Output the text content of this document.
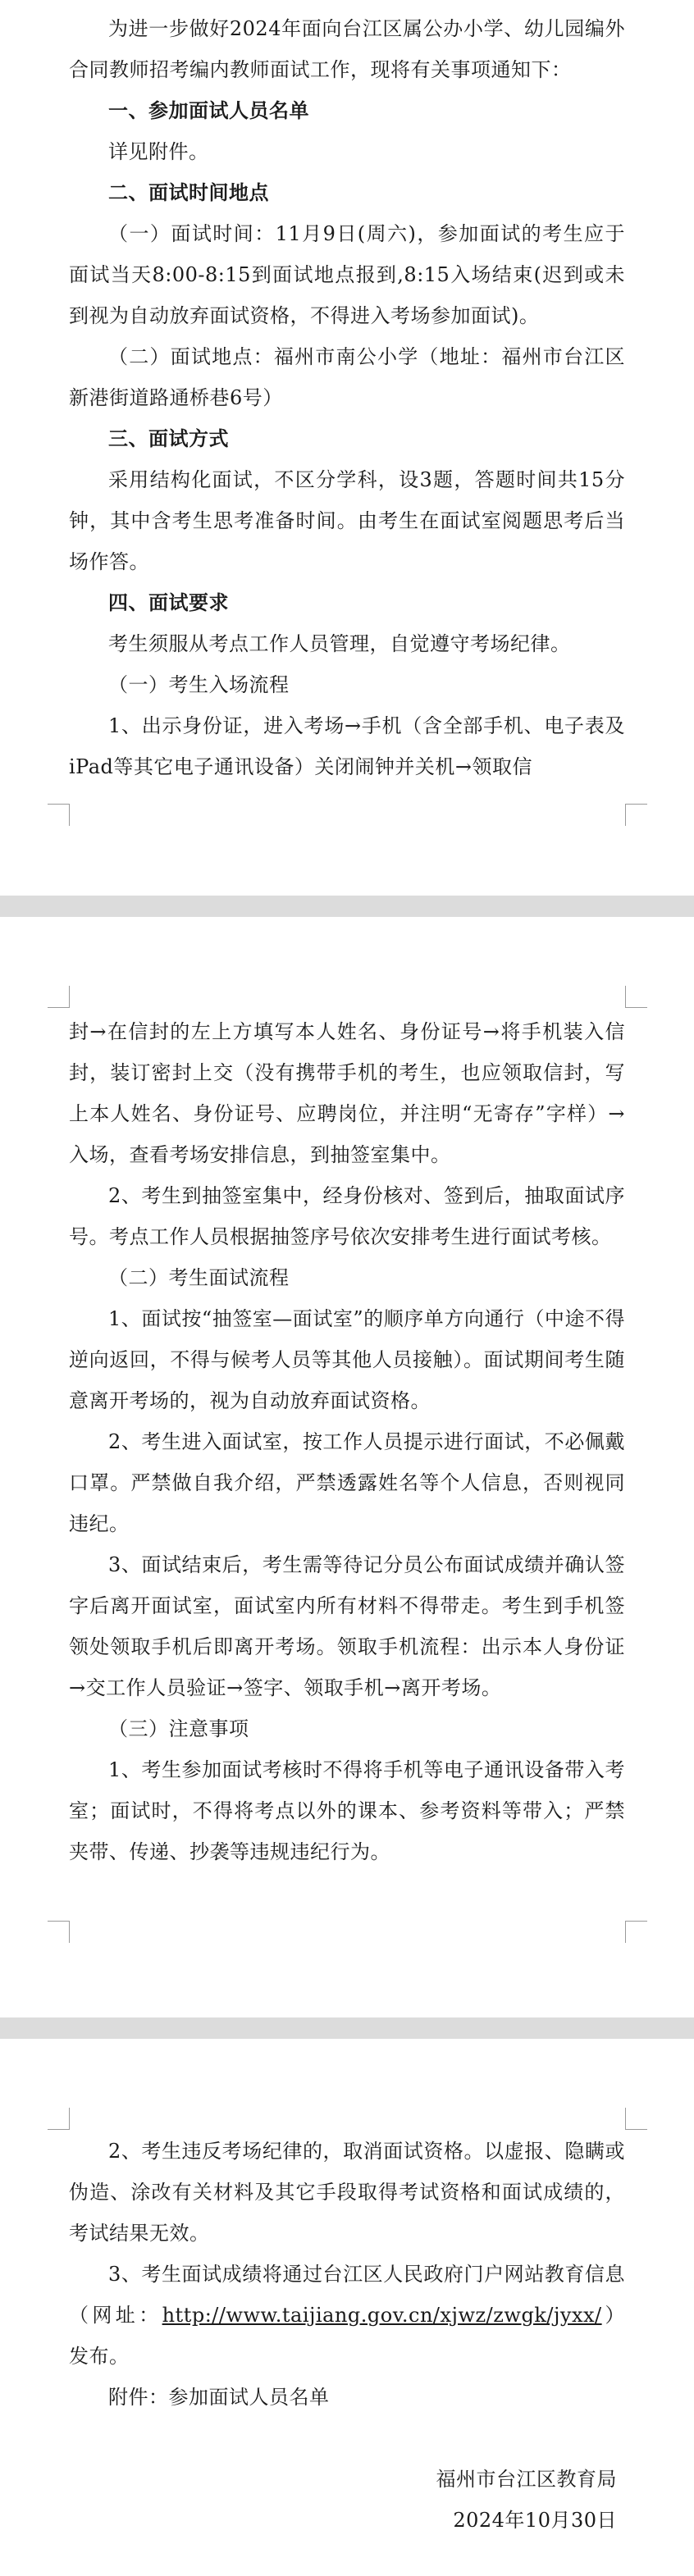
为进一步做好2024年面向台江区属公办小学、幼儿园编外合同教师招考编内教师面试工作，现将有关事项通知下：

一、参加面试人员名单

详见附件。

二、面试时间地点

（一）面试时间：11月9日(周六)，参加面试的考生应于面试当天8:00-8:15到面试地点报到,8:15入场结束(迟到或未到视为自动放弃面试资格，不得进入考场参加面试)。

（二）面试地点：福州市南公小学（地址：福州市台江区新港街道路通桥巷6号）

三、面试方式

采用结构化面试，不区分学科，设3题，答题时间共15分钟，其中含考生思考准备时间。由考生在面试室阅题思考后当场作答。

四、面试要求

考生须服从考点工作人员管理，自觉遵守考场纪律。

（一）考生入场流程

1、出示身份证，进入考场→手机（含全部手机、电子表及iPad等其它电子通讯设备）关闭闹钟并关机→领取信

封→在信封的左上方填写本人姓名、身份证号→将手机装入信封，装订密封上交（没有携带手机的考生，也应领取信封，写上本人姓名、身份证号、应聘岗位，并注明“无寄存”字样）→入场，查看考场安排信息，到抽签室集中。

2、考生到抽签室集中，经身份核对、签到后，抽取面试序号。考点工作人员根据抽签序号依次安排考生进行面试考核。

（二）考生面试流程

1、面试按“抽签室—面试室”的顺序单方向通行（中途不得逆向返回，不得与候考人员等其他人员接触）。面试期间考生随意离开考场的，视为自动放弃面试资格。

2、考生进入面试室，按工作人员提示进行面试，不必佩戴口罩。严禁做自我介绍，严禁透露姓名等个人信息，否则视同违纪。

3、面试结束后，考生需等待记分员公布面试成绩并确认签字后离开面试室，面试室内所有材料不得带走。考生到手机签领处领取手机后即离开考场。领取手机流程：出示本人身份证→交工作人员验证→签字、领取手机→离开考场。

（三）注意事项

1、考生参加面试考核时不得将手机等电子通讯设备带入考室；面试时，不得将考点以外的课本、参考资料等带入；严禁夹带、传递、抄袭等违规违纪行为。

2、考生违反考场纪律的，取消面试资格。以虚报、隐瞒或伪造、涂改有关材料及其它手段取得考试资格和面试成绩的，考试结果无效。

3、考生面试成绩将通过台江区人民政府门户网站教育信息（网址：http://www.taijiang.gov.cn/xjwz/zwgk/jyxx/）发布。

附件：参加面试人员名单

福州市台江区教育局

2024年10月30日
